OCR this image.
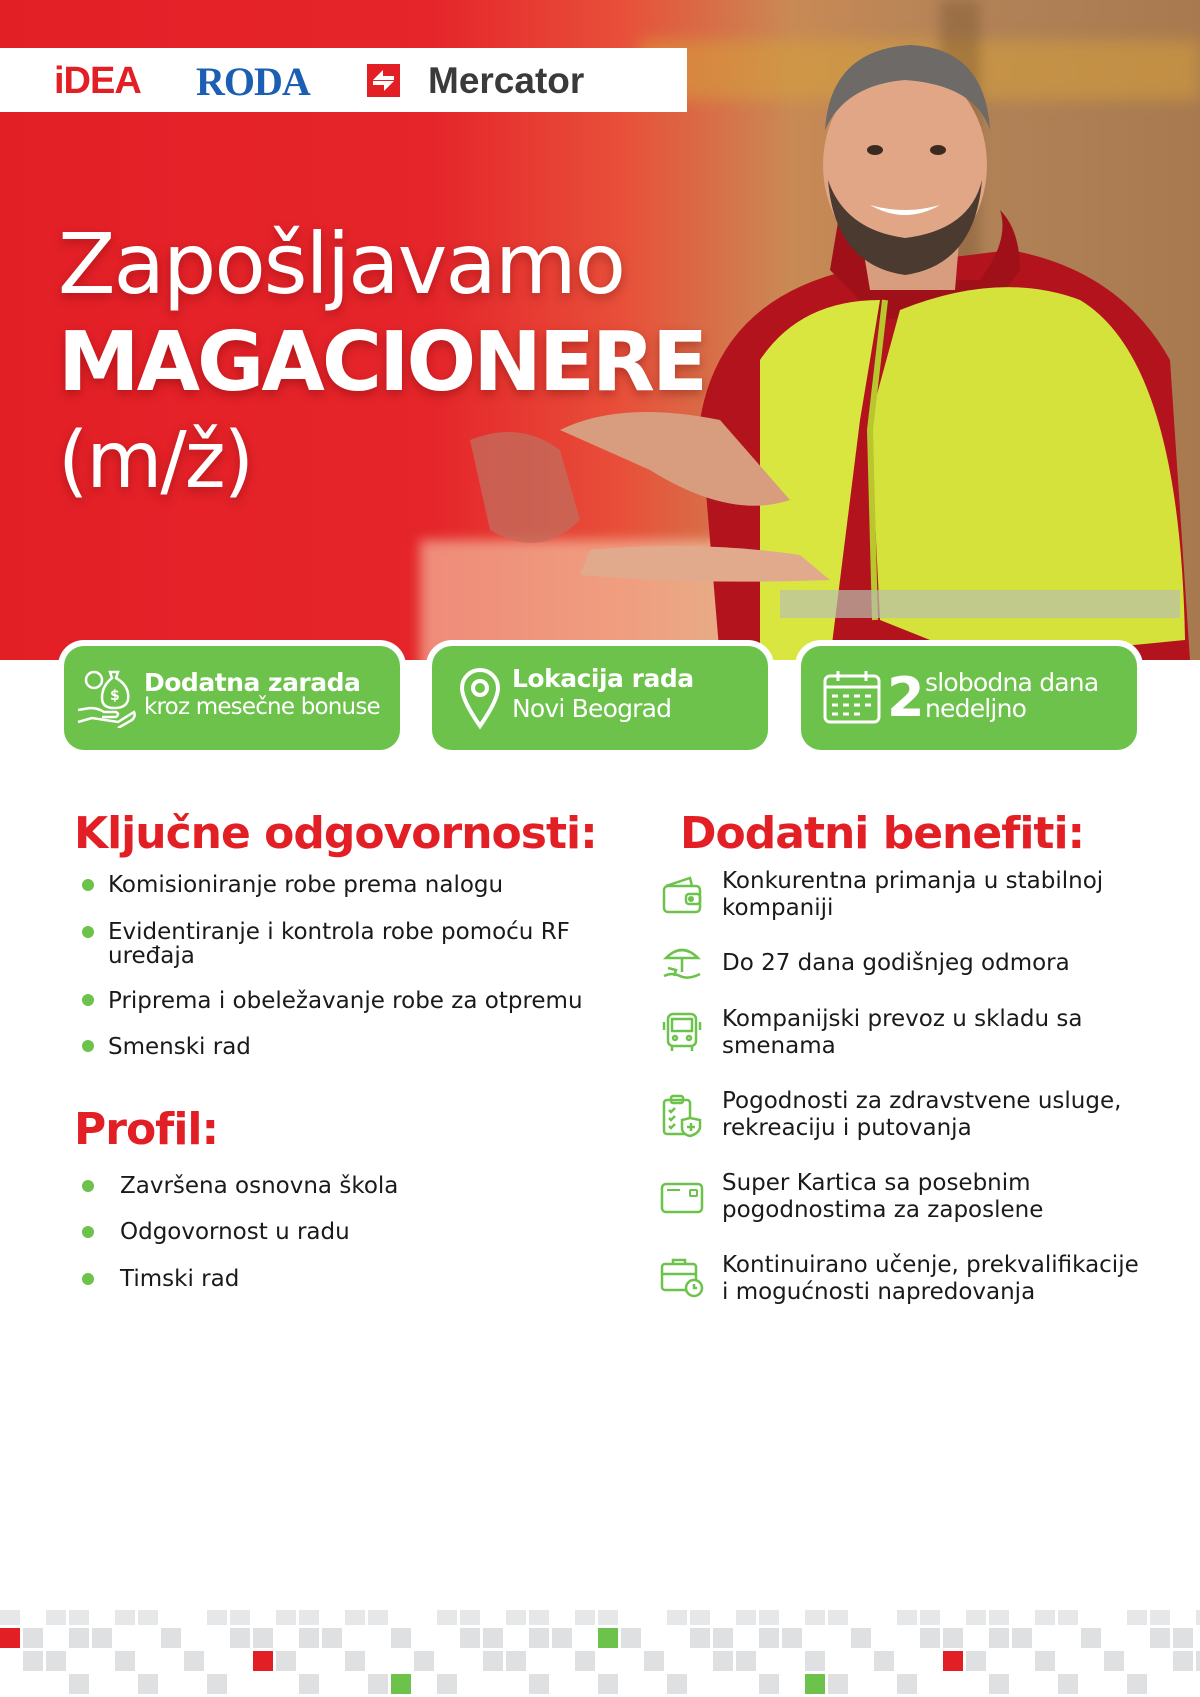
iDEA RODA	Mercator
Zapošljavamo
MAGACIONERE
(m/ž)
$ Dodatna zarada
kroz mesečne bonuse
Lokacija rada
Novi Beograd	2 slobodna dana
nedeljno
Ključne odgovornosti:
Komisioniranje robe prema nalogu
Evidentiranje i kontrola robe pomoću RF
uređaja
Priprema i obeležavanje robe za otpremu
Smenski rad
Profil:
Završena osnovna škola
Odgovornost u radu
Timski rad
Dodatni benefiti:
Konkurentna primanja u stabilnoj
kompaniji
Do 27 dana godišnjeg odmora
Kompanijski prevoz u skladu sa
smenama
Pogodnosti za zdravstvene usluge,
rekreaciju i putovanja
Super Kartica sa posebnim
pogodnostima za zaposlene
Kontinuirano učenje, prekvalifikacije
i mogućnosti napredovanja
